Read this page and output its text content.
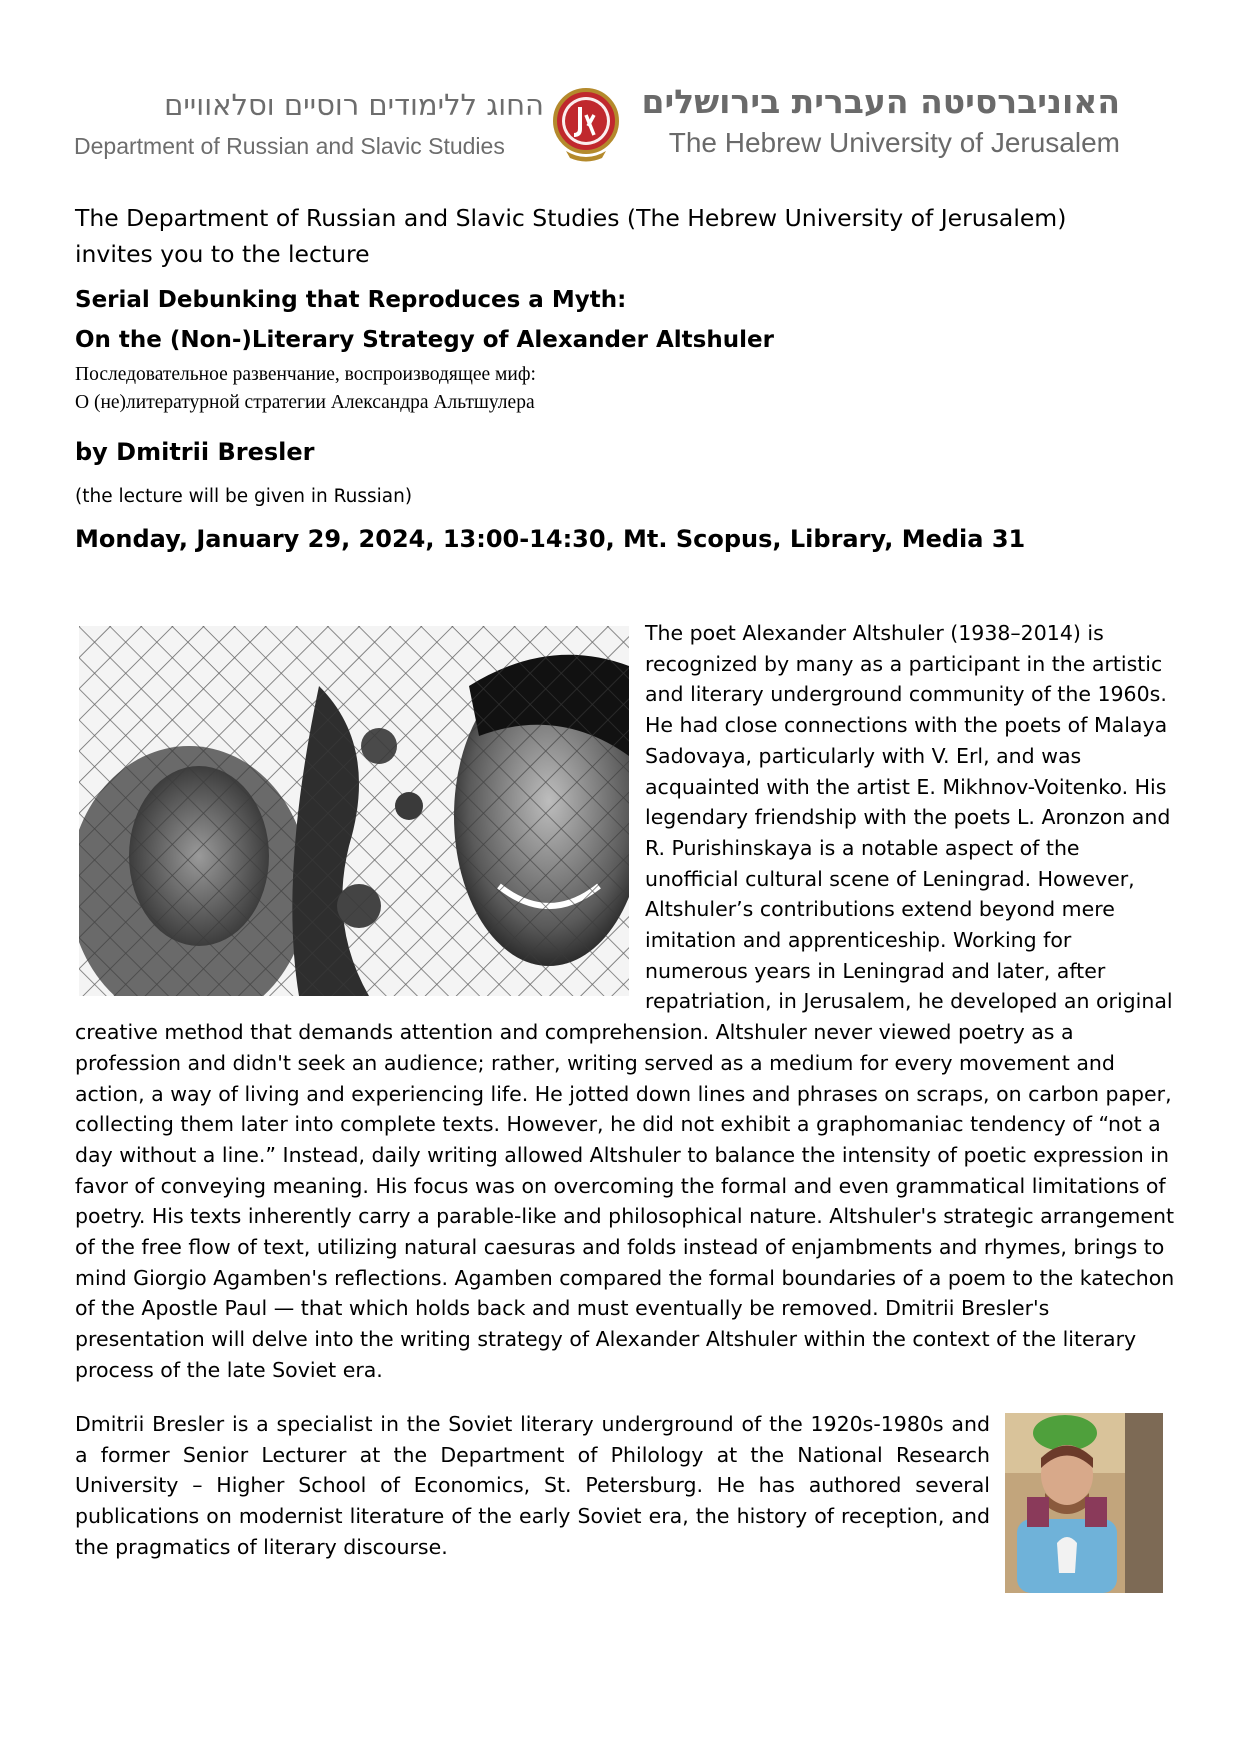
החוג ללימודים רוסיים וסלאוויים
Department of Russian and Slavic Studies
האוניברסיטה העברית בירושלים
The Hebrew University of Jerusalem
The Department of Russian and Slavic Studies (The Hebrew University of Jerusalem)
invites you to the lecture
Serial Debunking that Reproduces a Myth:
On the (Non-)Literary Strategy of Alexander Altshuler
Последовательное развенчание, воспроизводящее миф:
О (не)литературной стратегии Александра Альтшулера
by Dmitrii Bresler
(the lecture will be given in Russian)
Monday, January 29, 2024, 13:00-14:30, Mt. Scopus, Library, Media 31
The poet Alexander Altshuler (1938–2014) is recognized by many as a participant in the artistic and literary underground community of the 1960s. He had close connections with the poets of Malaya Sadovaya, particularly with V. Erl, and was acquainted with the artist E. Mikhnov-Voitenko. His legendary friendship with the poets L. Aronzon and R. Purishinskaya is a notable aspect of the unofficial cultural scene of Leningrad. However, Altshuler’s contributions extend beyond mere imitation and apprenticeship. Working for numerous years in Leningrad and later, after repatriation, in Jerusalem, he developed an original creative method that demands attention and comprehension. Altshuler never viewed poetry as a profession and didn't seek an audience; rather, writing served as a medium for every movement and action, a way of living and experiencing life. He jotted down lines and phrases on scraps, on carbon paper, collecting them later into complete texts. However, he did not exhibit a graphomaniac tendency of “not a day without a line.” Instead, daily writing allowed Altshuler to balance the intensity of poetic expression in favor of conveying meaning. His focus was on overcoming the formal and even grammatical limitations of poetry. His texts inherently carry a parable-like and philosophical nature. Altshuler's strategic arrangement of the free flow of text, utilizing natural caesuras and folds instead of enjambments and rhymes, brings to mind Giorgio Agamben's reflections. Agamben compared the formal boundaries of a poem to the katechon of the Apostle Paul — that which holds back and must eventually be removed. Dmitrii Bresler's presentation will delve into the writing strategy of Alexander Altshuler within the context of the literary process of the late Soviet era.
Dmitrii Bresler is a specialist in the Soviet literary underground of the 1920s-1980s and a former Senior Lecturer at the Department of Philology at the National Research University – Higher School of Economics, St. Petersburg. He has authored several publications on modernist literature of the early Soviet era, the history of reception, and the pragmatics of literary discourse.
